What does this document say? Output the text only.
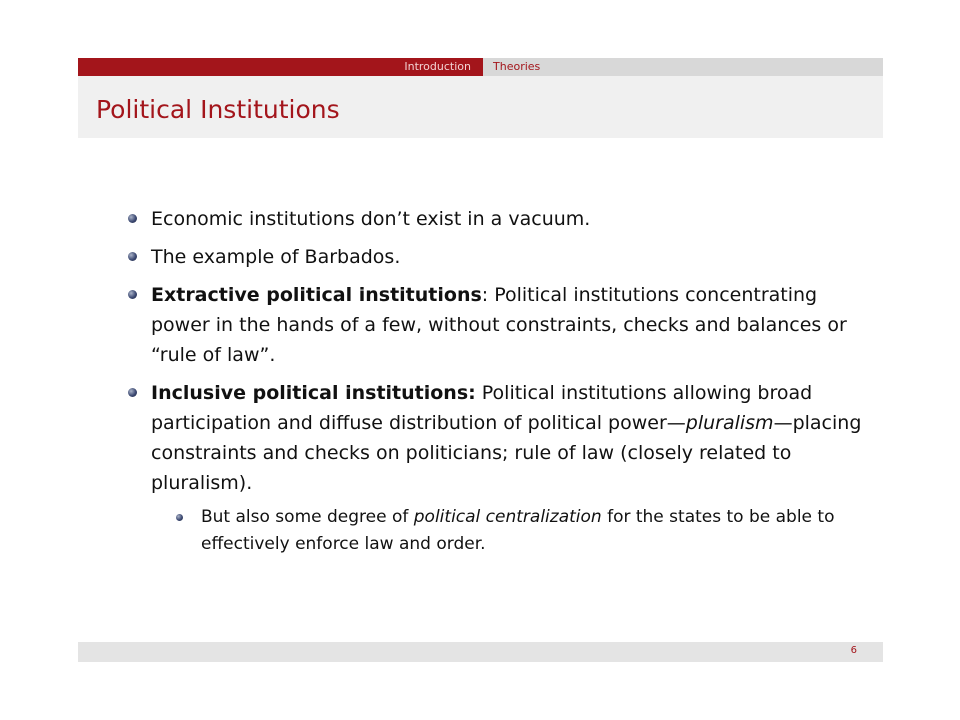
Introduction	Theories
Political Institutions
Economic institutions don’t exist in a vacuum.
The example of Barbados.
Extractive political institutions: Political institutions concentrating power in the hands of a few, without constraints, checks and balances or “rule of law”.
Inclusive political institutions: Political institutions allowing broad participation and diffuse distribution of political power—pluralism—placing constraints and checks on politicians; rule of law (closely related to pluralism).
But also some degree of political centralization for the states to be able to effectively enforce law and order.
6
